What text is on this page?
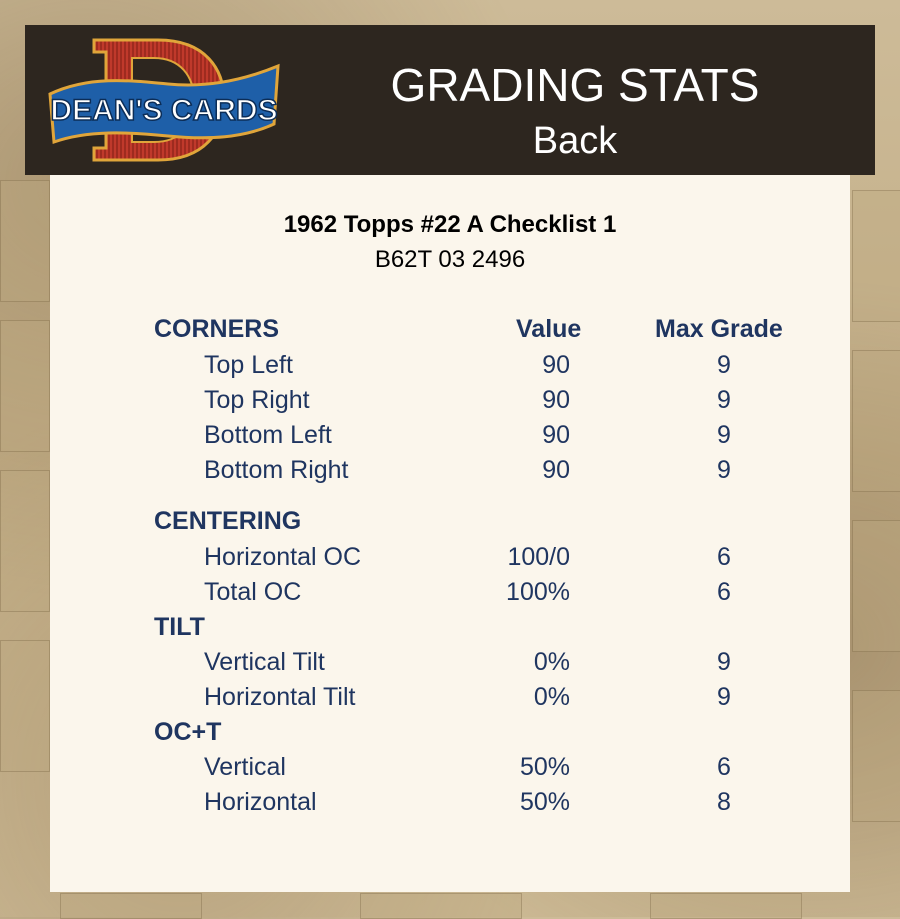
DEAN'S CARDS	GRADING STATS
Back
1962 Topps #22 A Checklist 1
B62T 03 2496
CORNERS	Value	Max Grade
Top Left	90	9
Top Right	90	9
Bottom Left	90	9
Bottom Right	90	9
CENTERING
Horizontal OC	100/0	6
Total OC	100%	6
TILT
Vertical Tilt	0%	9
Horizontal Tilt	0%	9
OC+T
Vertical	50%	6
Horizontal	50%	8
